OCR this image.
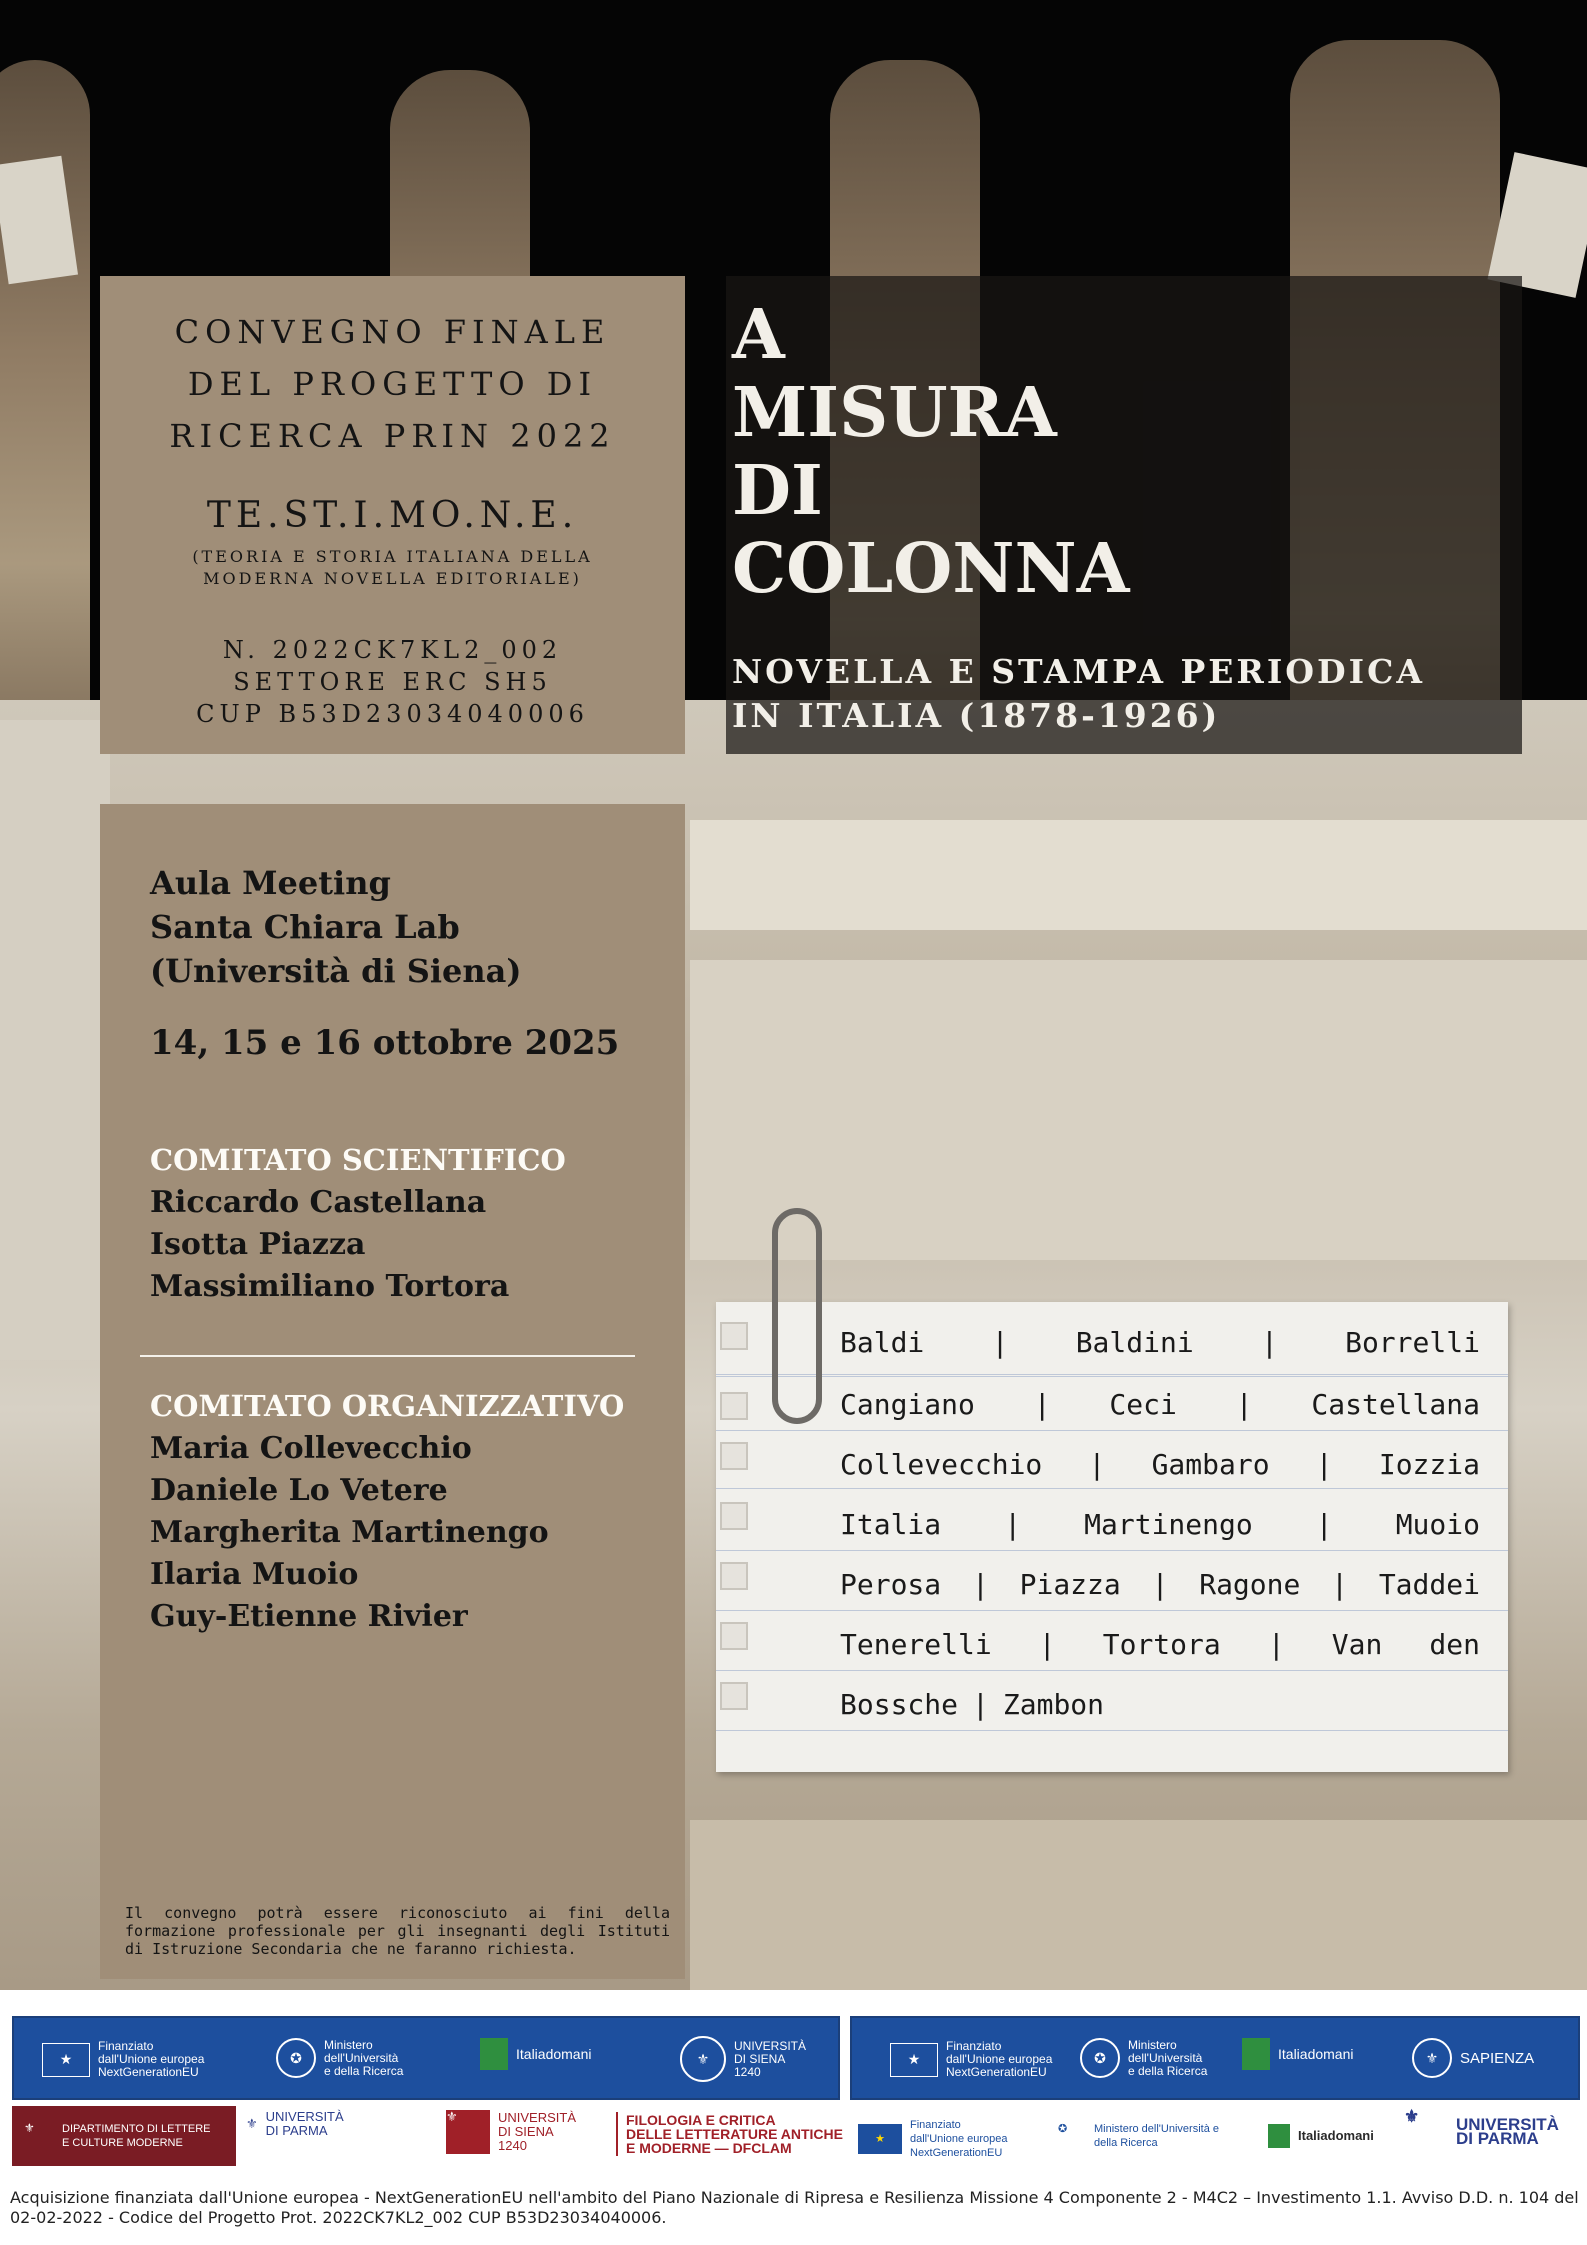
CONVEGNO FINALE
DEL PROGETTO DI
RICERCA PRIN 2022
TE.ST.I.MO.N.E.
(TEORIA E STORIA ITALIANA DELLA
MODERNA NOVELLA EDITORIALE)
N. 2022CK7KL2_002
SETTORE ERC SH5
CUP B53D23034040006
A
MISURA
DI
COLONNA
NOVELLA E STAMPA PERIODICA
IN ITALIA (1878-1926)
Aula Meeting
Santa Chiara Lab
(Università di Siena)
14, 15 e 16 ottobre 2025
COMITATO SCIENTIFICO
Riccardo Castellana
Isotta Piazza
Massimiliano Tortora
COMITATO ORGANIZZATIVO
Maria Collevecchio
Daniele Lo Vetere
Margherita Martinengo
Ilaria Muoio
Guy-Etienne Rivier
Il convegno potrà essere riconosciuto ai fini della formazione professionale per gli insegnanti degli Istituti di Istruzione Secondaria che ne faranno richiesta.
Baldi | Baldini | Borrelli
Cangiano | Ceci | Castellana
Collevecchio | Gambaro | Iozzia
Italia | Martinengo | Muoio
Perosa | Piazza | Ragone | Taddei
Tenerelli | Tortora | Van den
Bossche | Zambon
★
Finanziato
dall'Unione europea
NextGenerationEU
✪
Ministero
dell'Università
e della Ricerca
Italiadomani	⚜
UNIVERSITÀ
DI SIENA
1240
★
Finanziato
dall'Unione europea
NextGenerationEU
✪
Ministero
dell'Università
e della Ricerca
Italiadomani	⚜	SAPIENZA
⚜	DIPARTIMENTO DI LETTERE
E CULTURE MODERNE
⚜ UNIVERSITÀ
DI PARMA
⚜	UNIVERSITÀ
DI SIENA
1240
FILOLOGIA E CRITICA
DELLE LETTERATURE ANTICHE
E MODERNE — DFCLAM
★
Finanziato
dall'Unione europea
NextGenerationEU
✪	Ministero dell'Università e
della Ricerca	Italiadomani
⚜	UNIVERSITÀ
DI PARMA
Acquisizione finanziata dall'Unione europea - NextGenerationEU nell'ambito del Piano Nazionale di Ripresa e Resilienza Missione 4 Componente 2 - M4C2 – Investimento 1.1. Avviso D.D. n. 104 del 02-02-2022 - Codice del Progetto Prot. 2022CK7KL2_002 CUP B53D23034040006.
